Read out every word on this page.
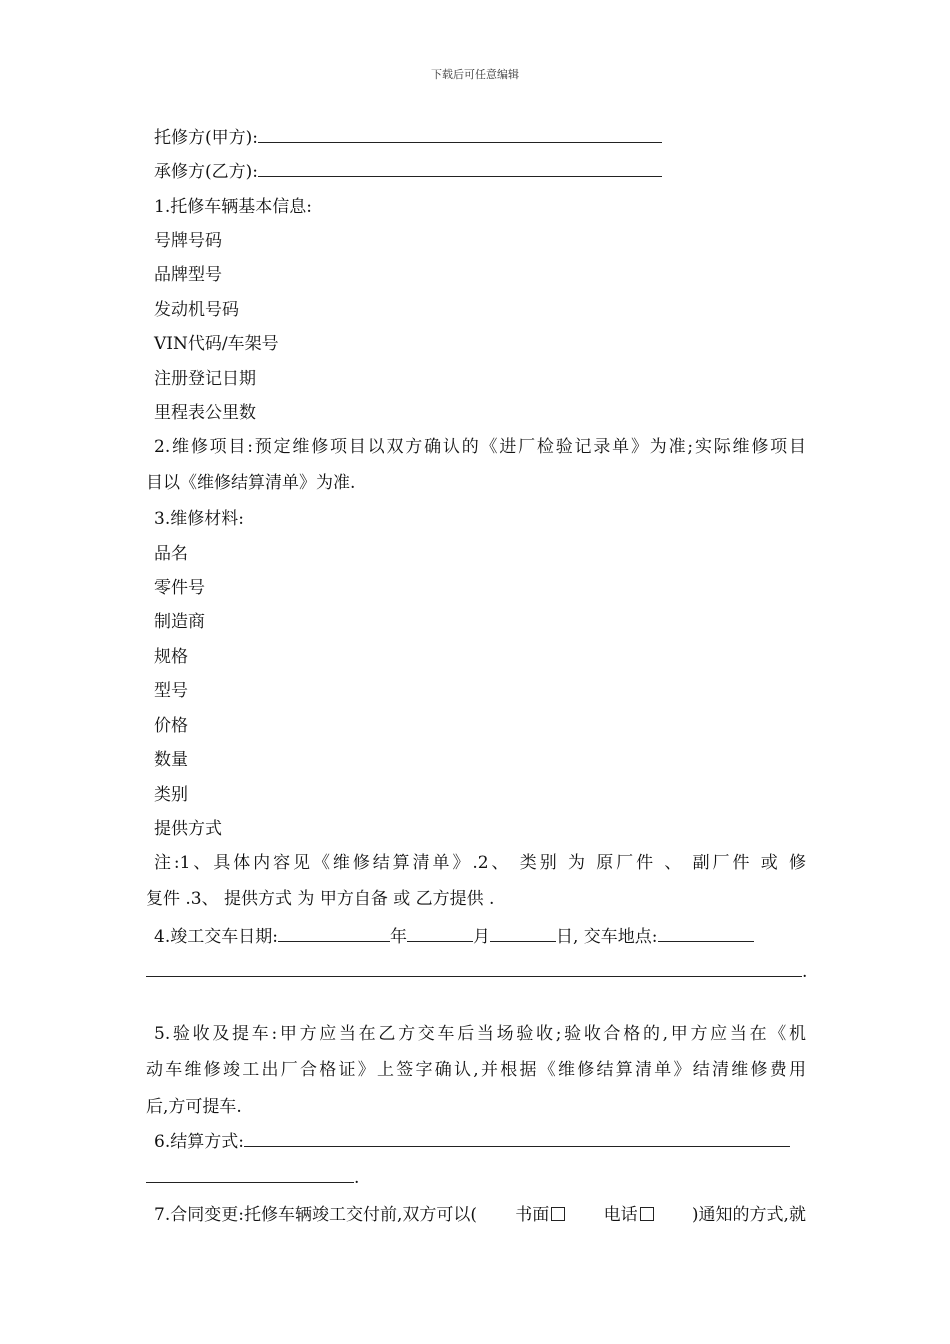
下载后可任意编辑
托修方(甲方):
承修方(乙方):
1.托修车辆基本信息:
号牌号码
品牌型号
发动机号码
VIN代码/车架号
注册登记日期
里程表公里数
2.维修项目:预定维修项目以双方确认的《进厂检验记录单》为准;实际维修项目
目以《维修结算清单》为准.
3.维修材料:
品名
零件号
制造商
规格
型号
价格
数量
类别
提供方式
注:1、具体内容见《维修结算清单》.2、 类别 为 原厂件 、 副厂件 或 修
复件 .3、 提供方式 为 甲方自备 或 乙方提供 .
4.竣工交车日期:	年	月	日, 交车地点:
.
5.验收及提车:甲方应当在乙方交车后当场验收;验收合格的,甲方应当在《机
动车维修竣工出厂合格证》上签字确认,并根据《维修结算清单》结清维修费用
后,方可提车.
6.结算方式:
.
7.合同变更:托修车辆竣工交付前,双方可以( 书面	电话	)通知的方式,就
